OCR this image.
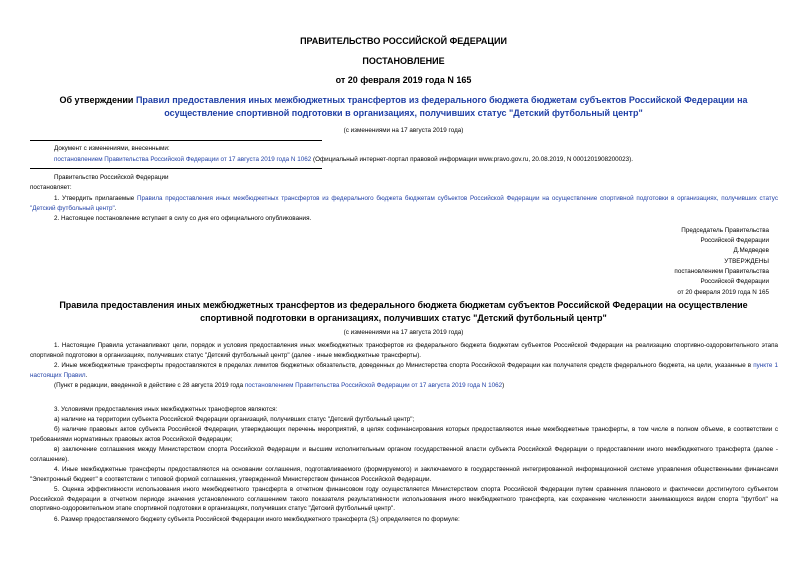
ПРАВИТЕЛЬСТВО РОССИЙСКОЙ ФЕДЕРАЦИИ
ПОСТАНОВЛЕНИЕ
от 20 февраля 2019 года N 165
Об утверждении Правил предоставления иных межбюджетных трансфертов из федерального бюджета бюджетам субъектов Российской Федерации на
осуществление спортивной подготовки в организациях, получивших статус "Детский футбольный центр"
(с изменениями на 17 августа 2019 года)
Документ с изменениями, внесенными:
постановлением Правительства Российской Федерации от 17 августа 2019 года N 1062 (Официальный интернет-портал правовой информации www.pravo.gov.ru, 20.08.2019, N 0001201908200023).
Правительство Российской Федерации
постановляет:
1. Утвердить прилагаемые Правила предоставления иных межбюджетных трансфертов из федерального бюджета бюджетам субъектов Российской Федерации на осуществление спортивной подготовки в организациях, получивших статус "Детский футбольный центр".
2. Настоящее постановление вступает в силу со дня его официального опубликования.
Председатель Правительства
Российской Федерации
Д.Медведев
УТВЕРЖДЕНЫ
постановлением Правительства
Российской Федерации
от 20 февраля 2019 года N 165
Правила предоставления иных межбюджетных трансфертов из федерального бюджета бюджетам субъектов Российской Федерации на осуществление
спортивной подготовки в организациях, получивших статус "Детский футбольный центр"
(с изменениями на 17 августа 2019 года)
1. Настоящие Правила устанавливают цели, порядок и условия предоставления иных межбюджетных трансфертов из федерального бюджета бюджетам субъектов Российской Федерации на реализацию спортивно-оздоровительного этапа спортивной подготовки в организациях, получивших статус "Детский футбольный центр" (далее - иные межбюджетные трансферты).
2. Иные межбюджетные трансферты предоставляются в пределах лимитов бюджетных обязательств, доведенных до Министерства спорта Российской Федерации как получателя средств федерального бюджета, на цели, указанные в пункте 1 настоящих Правил.
(Пункт в редакции, введенной в действие с 28 августа 2019 года постановлением Правительства Российской Федерации от 17 августа 2019 года N 1062)
3. Условиями предоставления иных межбюджетных трансфертов являются:
а) наличие на территории субъекта Российской Федерации организаций, получивших статус "Детский футбольный центр";
б) наличие правовых актов субъекта Российской Федерации, утверждающих перечень мероприятий, в целях софинансирования которых предоставляются иные межбюджетные трансферты, в том числе в полном объеме, в соответствии с требованиями нормативных правовых актов Российской Федерации;
в) заключение соглашения между Министерством спорта Российской Федерации и высшим исполнительным органом государственной власти субъекта Российской Федерации о предоставлении иного межбюджетного трансферта (далее - соглашение).
4. Иные межбюджетные трансферты предоставляются на основании соглашения, подготавливаемого (формируемого) и заключаемого в государственной интегрированной информационной системе управления общественными финансами "Электронный бюджет" в соответствии с типовой формой соглашения, утвержденной Министерством финансов Российской Федерации.
5. Оценка эффективности использования иного межбюджетного трансферта в отчетном финансовом году осуществляется Министерством спорта Российской Федерации путем сравнения планового и фактически достигнутого субъектом Российской Федерации в отчетном периоде значения установленного соглашением такого показателя результативности использования иного межбюджетного трансферта, как сохранение численности занимающихся видом спорта "футбол" на спортивно-оздоровительном этапе спортивной подготовки в организациях, получивших статус "Детский футбольный центр".
6. Размер предоставляемого бюджету субъекта Российской Федерации иного межбюджетного трансферта $(S_i)$ определяется по формуле:
